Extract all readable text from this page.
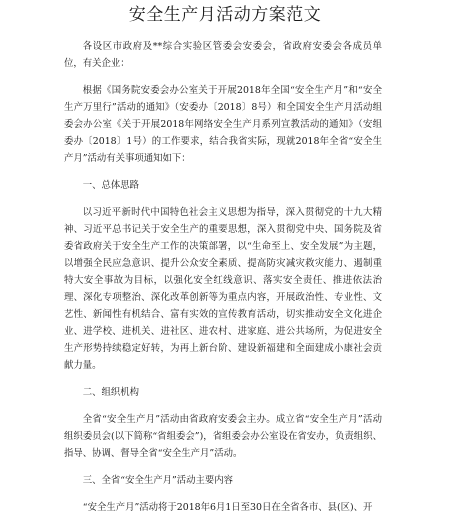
安全生产月活动方案范文

各设区市政府及**综合实验区管委会安委会，省政府安委会各成员单位，有关企业：

根据《国务院安委会办公室关于开展2018年全国“安全生产月”和“安全生产万里行”活动的通知》（安委办〔2018〕8号）和全国安全生产月活动组委会办公室《关于开展2018年网络安全生产月系列宣教活动的通知》（安组委办〔2018〕1号）的工作要求，结合我省实际，现就2018年全省“安全生产月”活动有关事项通知如下：

一、总体思路

以习近平新时代中国特色社会主义思想为指导，深入贯彻党的十九大精神、习近平总书记关于安全生产的重要思想，深入贯彻党中央、国务院及省委省政府关于安全生产工作的决策部署，以“生命至上、安全发展”为主题，以增强全民应急意识、提升公众安全素质、提高防灾减灾救灾能力、遏制重特大安全事故为目标，以强化安全红线意识、落实安全责任、推进依法治理、深化专项整治、深化改革创新等为重点内容，开展政治性、专业性、文艺性、新闻性有机结合、富有实效的宣传教育活动，切实推动安全文化进企业、进学校、进机关、进社区、进农村、进家庭、进公共场所，为促进安全生产形势持续稳定好转，为再上新台阶、建设新福建和全面建成小康社会贡献力量。

二、组织机构

全省“安全生产月”活动由省政府安委会主办。成立省“安全生产月”活动组织委员会(以下简称“省组委会”)，省组委会办公室设在省安办，负责组织、指导、协调、督导全省“安全生产月”活动。

三、全省“安全生产月”活动主要内容

“安全生产月”活动将于2018年6月1日至30日在全省各市、县(区)、开
